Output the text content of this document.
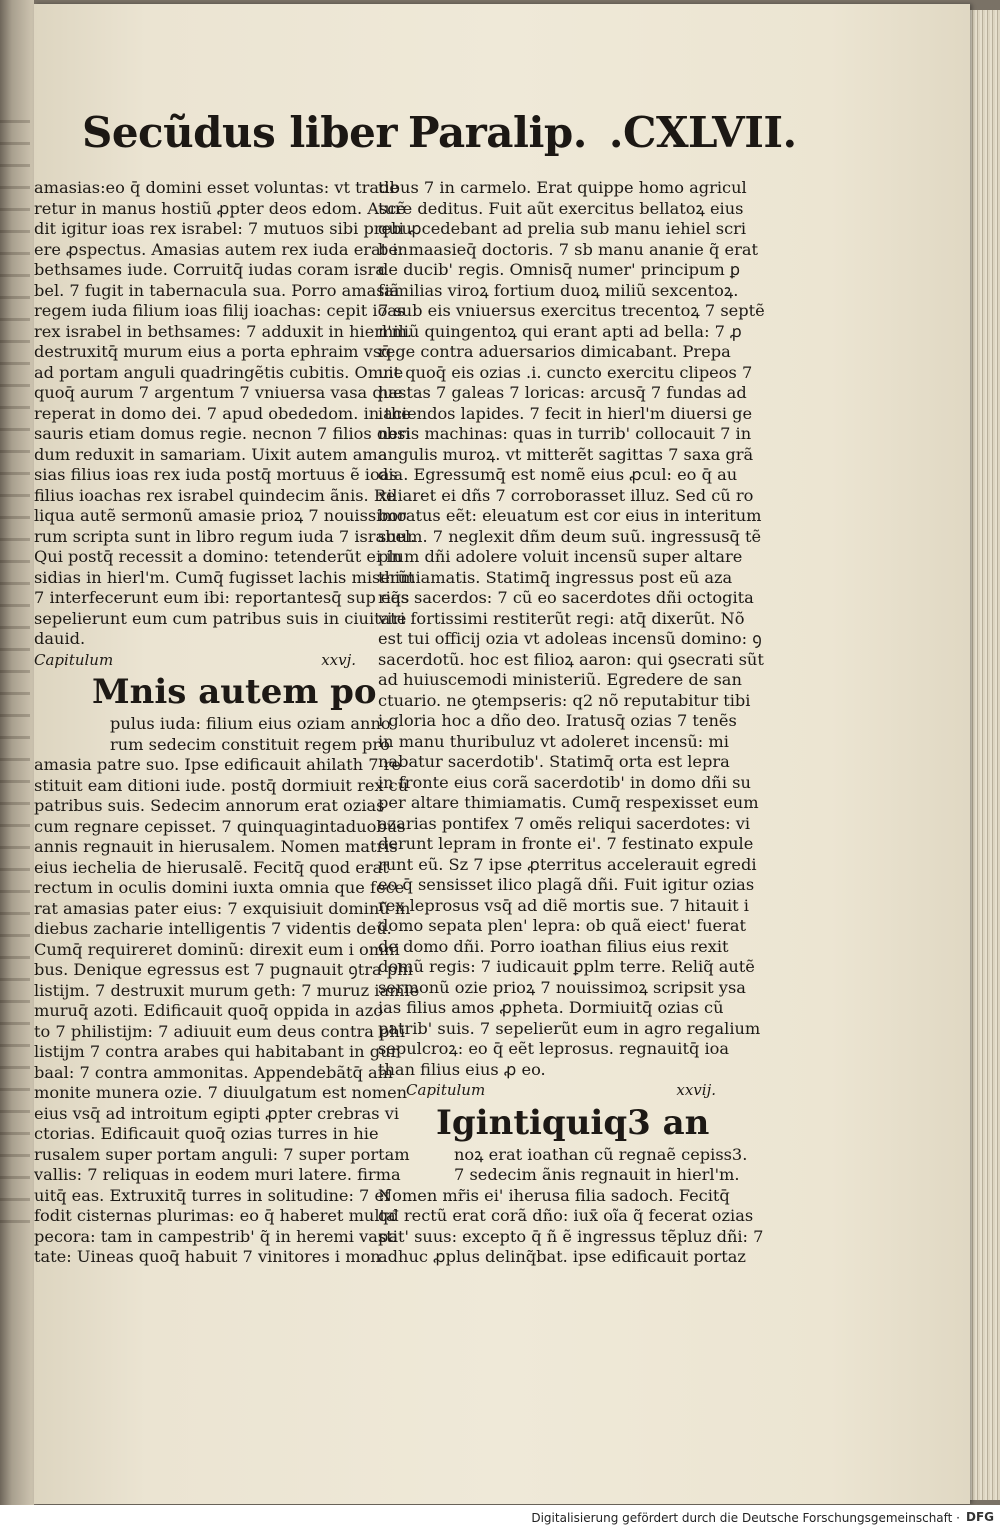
Secũdus liber Paralip. .CXLVII.
amasias:eo q̄ domini esset voluntas: vt trade
retur in manus hostiũ ꝓpter deos edom. Ascẽ
dit igitur ioas rex israbel: 7 mutuos sibi prebu
ere ꝓspectus. Amasias autem rex iuda erat in
bethsames iude. Corruitq̄ iudas coram isra
bel. 7 fugit in tabernacula sua. Porro amasiã
regem iuda filium ioas filij ioachas: cepit ioas
rex israbel in bethsames: 7 adduxit in hierl'm.
destruxitq̄ murum eius a porta ephraim vsq̄
ad portam anguli quadringẽtis cubitis. Omne
quoq̄ aurum 7 argentum 7 vniuersa vasa que
reperat in domo dei. 7 apud obededom. in the
sauris etiam domus regie. necnon 7 filios obsi
dum reduxit in samariam. Uixit autem ama
sias filius ioas rex iuda postq̄ mortuus ẽ ioas
filius ioachas rex israbel quindecim ãnis. Re
liqua autẽ sermonũ amasie prioꝝ 7 nouissimo
rum scripta sunt in libro regum iuda 7 israbel.
Qui postq̄ recessit a domino: tetenderũt ei in
sidias in hierl'm. Cumq̄ fugisset lachis miserũt
7 interfecerunt eum ibi: reportantesq̄ sup eq̃s
sepelierunt eum cum patribus suis in ciuitate
dauid.
Capitulum	xxvj.
Mnis autem po
pulus iuda: filium eius oziam anno
rum sedecim constituit regem pro
amasia patre suo. Ipse edificauit ahilath 7 re
stituit eam ditioni iude. postq̄ dormiuit rex cũ
patribus suis. Sedecim annorum erat ozias
cum regnare cepisset. 7 quinquagintaduobus
annis regnauit in hierusalem. Nomen matris
eius iechelia de hierusalẽ. Fecitq̄ quod erat
rectum in oculis domini iuxta omnia que fece
rat amasias pater eius: 7 exquisiuit dominũ in
diebus zacharie intelligentis 7 videntis deũ.
Cumq̄ requireret dominũ: direxit eum i omni
bus. Denique egressus est 7 pugnauit ꝯtra phi
listijm. 7 destruxit murum geth: 7 muruz iamie
muruq̄ azoti. Edificauit quoq̄ oppida in azo
to 7 philistijm: 7 adiuuit eum deus contra phi
listijm 7 contra arabes qui habitabant in gur
baal: 7 contra ammonitas. Appendebãtq̄ am
monite munera ozie. 7 diuulgatum est nomen
eius vsq̄ ad introitum egipti ꝓpter crebras vi
ctorias. Edificauit quoq̄ ozias turres in hie
rusalem super portam anguli: 7 super portam
vallis: 7 reliquas in eodem muri latere. firma
uitq̄ eas. Extruxitq̄ turres in solitudine: 7 ef
fodit cisternas plurimas: eo q̄ haberet multa
pecora: tam in campestrib' q̃ in heremi vasti
tate: Uineas quoq̄ habuit 7 vinitores i mon
tibus 7 in carmelo. Erat quippe homo agricul
ture deditus. Fuit aũt exercitus bellatoꝝ eius
qui ꝓcedebant ad prelia sub manu iehiel scri
be: maasieq̄ doctoris. 7 sb manu ananie q̃ erat
de ducib' regis. Omnisq̄ numer' principum ꝑ
familias viroꝝ fortium duoꝝ miliũ sexcentoꝝ.
7 sub eis vniuersus exercitus trecentoꝝ 7 septẽ
miliũ quingentoꝝ qui erant apti ad bella: 7 ꝓ
rege contra aduersarios dimicabant. Prepa
uit quoq̄ eis ozias .i. cuncto exercitu clipeos 7
hastas 7 galeas 7 loricas: arcusq̄ 7 fundas ad
iaciendos lapides. 7 fecit in hierl'm diuersi ge
neris machinas: quas in turrib' collocauit 7 in
angulis muroꝝ. vt mitterẽt sagittas 7 saxa grã
dia. Egressumq̄ est nomẽ eius ꝓcul: eo q̄ au
xiliaret ei dñs 7 corroborasset illuz. Sed cũ ro
boratus eẽt: eleuatum est cor eius in interitum
suum. 7 neglexit dñm deum suũ. ingressusq̄ tẽ
plum dñi adolere voluit incensũ super altare
thimiamatis. Statimq̄ ingressus post eũ aza
rias sacerdos: 7 cũ eo sacerdotes dñi octogita
viri fortissimi restiterũt regi: atq̄ dixerũt. Nõ
est tui officij ozia vt adoleas incensũ domino: ꝯ
sacerdotũ. hoc est filioꝝ aaron: qui ꝯsecrati sũt
ad huiuscemodi ministeriũ. Egredere de san
ctuario. ne ꝯtempseris: q2 nõ reputabitur tibi
i gloria hoc a dño deo. Iratusq̄ ozias 7 tenẽs
in manu thuribuluz vt adoleret incensũ: mi
nabatur sacerdotib'. Statimq̄ orta est lepra
in fronte eius corã sacerdotib' in domo dñi su
per altare thimiamatis. Cumq̄ respexisset eum
azarias pontifex 7 omẽs reliqui sacerdotes: vi
derunt lepram in fronte ei'. 7 festinato expule
runt eũ. Sz 7 ipse ꝓterritus accelerauit egredi
eo q̄ sensisset ilico plagã dñi. Fuit igitur ozias
rex leprosus vsq̄ ad diẽ mortis sue. 7 hitauit i
domo sepata plen' lepra: ob quã eiect' fuerat
de domo dñi. Porro ioathan filius eius rexit
domũ regis: 7 iudicauit ꝑplm terre. Reliq̃ autẽ
sermonũ ozie prioꝝ 7 nouissimoꝝ scripsit ysa
ias filius amos ꝓpheta. Dormiuitq̄ ozias cũ
patrib' suis. 7 sepelierũt eum in agro regalium
sepulcroꝝ: eo q̄ eẽt leprosus. regnauitq̄ ioa
than filius eius ꝓ eo.
Capitulum	xxvij.
Igintiquiq3 an
noꝝ erat ioathan cũ regnaẽ cepiss3.
7 sedecim ãnis regnauit in hierl'm.
Nomen mr̃is ei' iherusa filia sadoch. Fecitq̄
qđ rectũ erat corã dño: iux̄ oĩa q̃ fecerat ozias
pat' suus: excepto q̄ ñ ẽ ingressus tẽpluz dñi: 7
adhuc ꝓplus delinq̃bat. ipse edificauit portaz
Digitalisierung gefördert durch die Deutsche Forschungsgemeinschaft · DFG
